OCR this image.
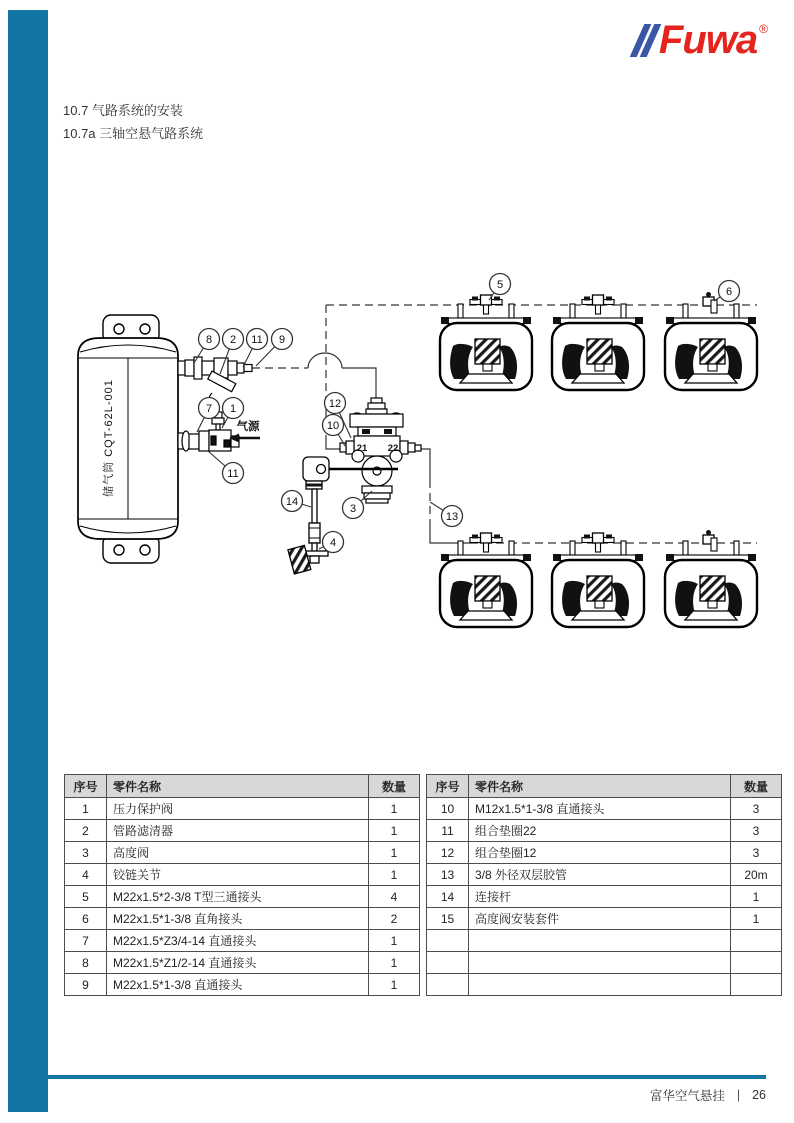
Fuwa ®
10.7 气路系统的安装
10.7a 三轴空悬气路系统
储气筒 CQT-62L-001	气源
21 22
5
6
8 2 11 9
7 1
11
12
10
3
14
4
13
序号	零件名称	数量
1	压力保护阀	1
2	管路滤清器	1
3	高度阀	1
4	铰链关节	1
5	M22x1.5*2-3/8 T型三通接头	4
6	M22x1.5*1-3/8 直角接头	2
7	M22x1.5*Z3/4-14 直通接头	1
8	M22x1.5*Z1/2-14 直通接头	1
9	M22x1.5*1-3/8 直通接头	1
序号	零件名称	数量
10	M12x1.5*1-3/8 直通接头	3
11	组合垫圈22	3
12	组合垫圈12	3
13	3/8 外径双层胶管	20m
14	连接杆	1
15	高度阀安装套件	1

富华空气悬挂 | 26
